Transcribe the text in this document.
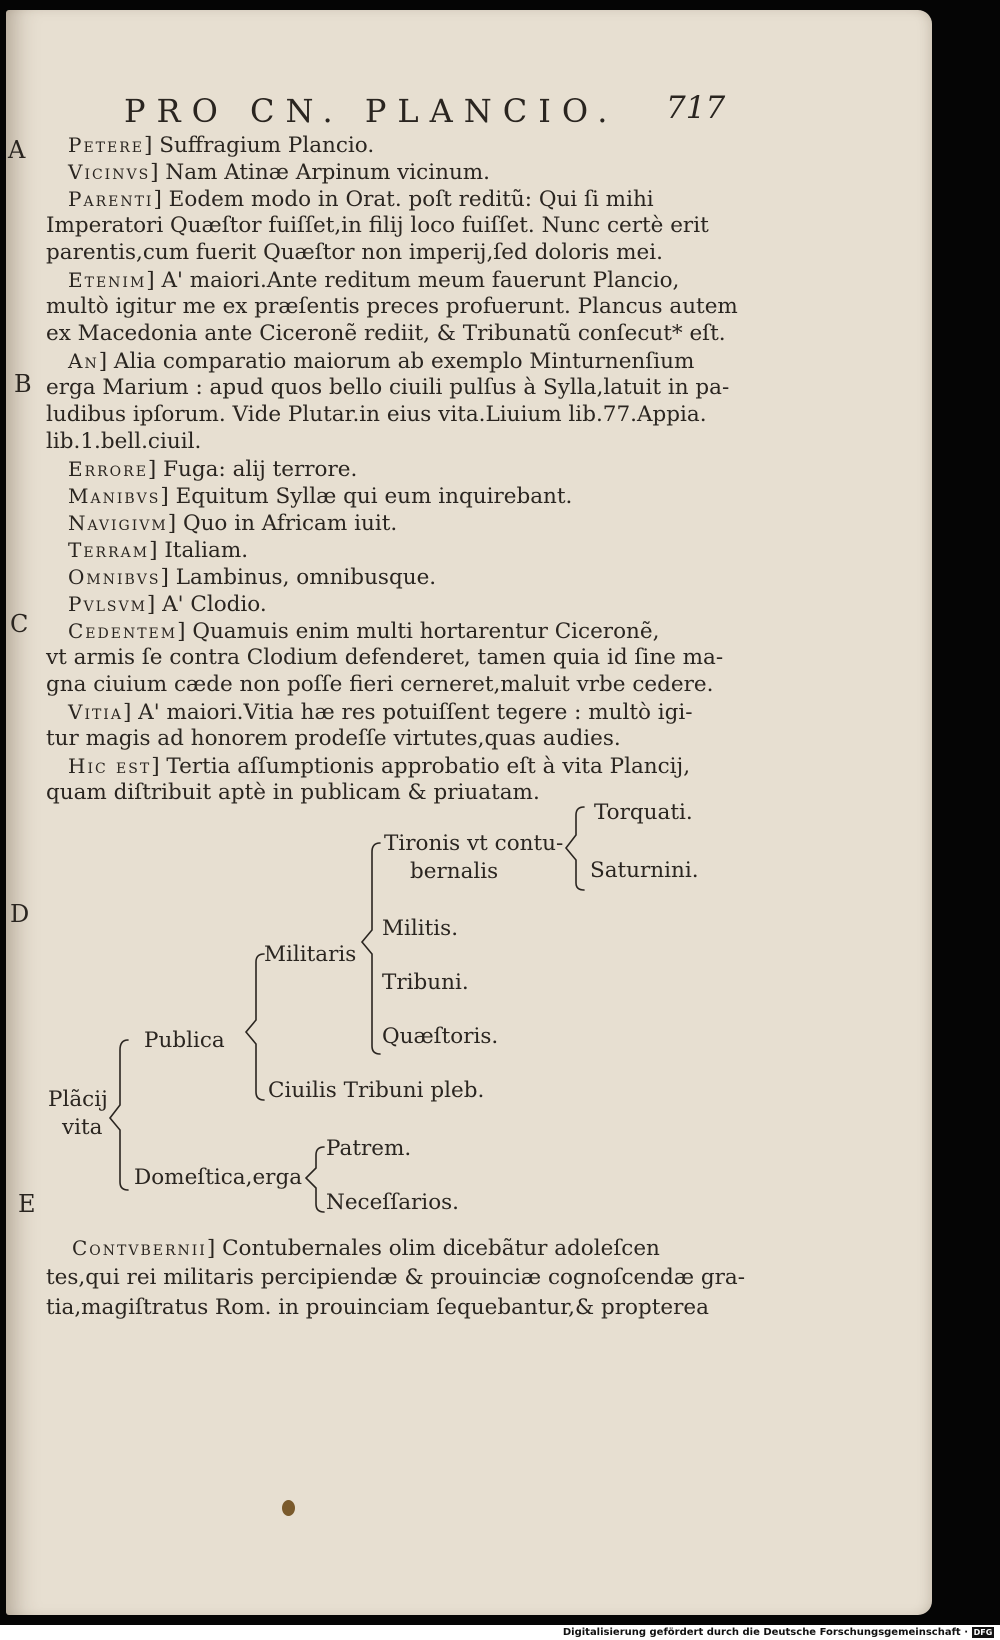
PRO CN. PLANCIO. 717
A
B
C
D
E
Petere] Suffragium Plancio.
Vicinvs] Nam Atinæ Arpinum vicinum.
Parenti] Eodem modo in Orat. poſt reditũ: Qui ſi mihi
Imperatori Quæſtor fuiſſet,in filij loco fuiſſet. Nunc certè erit
parentis,cum fuerit Quæſtor non imperij,ſed doloris mei.
Etenim] A' maiori.Ante reditum meum fauerunt Plancio,
multò igitur me ex præſentis preces profuerunt. Plancus autem
ex Macedonia ante Ciceronẽ rediit, & Tribunatũ conſecut* eſt.
An] Alia comparatio maiorum ab exemplo Minturnenſium
erga Marium : apud quos bello ciuili pulſus à Sylla,latuit in pa-
ludibus ipſorum. Vide Plutar.in eius vita.Liuium lib.77.Appia.
lib.1.bell.ciuil.
Errore] Fuga: alij terrore.
Manibvs] Equitum Syllæ qui eum inquirebant.
Navigivm] Quo in Africam iuit.
Terram] Italiam.
Omnibvs] Lambinus, omnibusque.
Pvlsvm] A' Clodio.
Cedentem] Quamuis enim multi hortarentur Ciceronẽ,
vt armis ſe contra Clodium defenderet, tamen quia id ſine ma-
gna ciuium cæde non poſſe fieri cerneret,maluit vrbe cedere.
Vitia] A' maiori.Vitia hæ res potuiſſent tegere : multò igi-
tur magis ad honorem prodeſſe virtutes,quas audies.
Hic est] Tertia aſſumptionis approbatio eſt à vita Plancij,
quam diſtribuit aptè in publicam & priuatam.
Plãcij
vita
Publica
Militaris
Tironis vt contu-
bernalis
Torquati.
Saturnini.
Militis.
Tribuni.
Quæſtoris.
Ciuilis Tribuni pleb.
Domeſtica,erga
Patrem.
Neceſſarios.
Contvbernii] Contubernales olim dicebãtur adoleſcen
tes,qui rei militaris percipiendæ & prouinciæ cognoſcendæ gra-
tia,magiſtratus Rom. in prouinciam ſequebantur,& propterea
Digitalisierung gefördert durch die Deutsche Forschungsgemeinschaft · DFG
